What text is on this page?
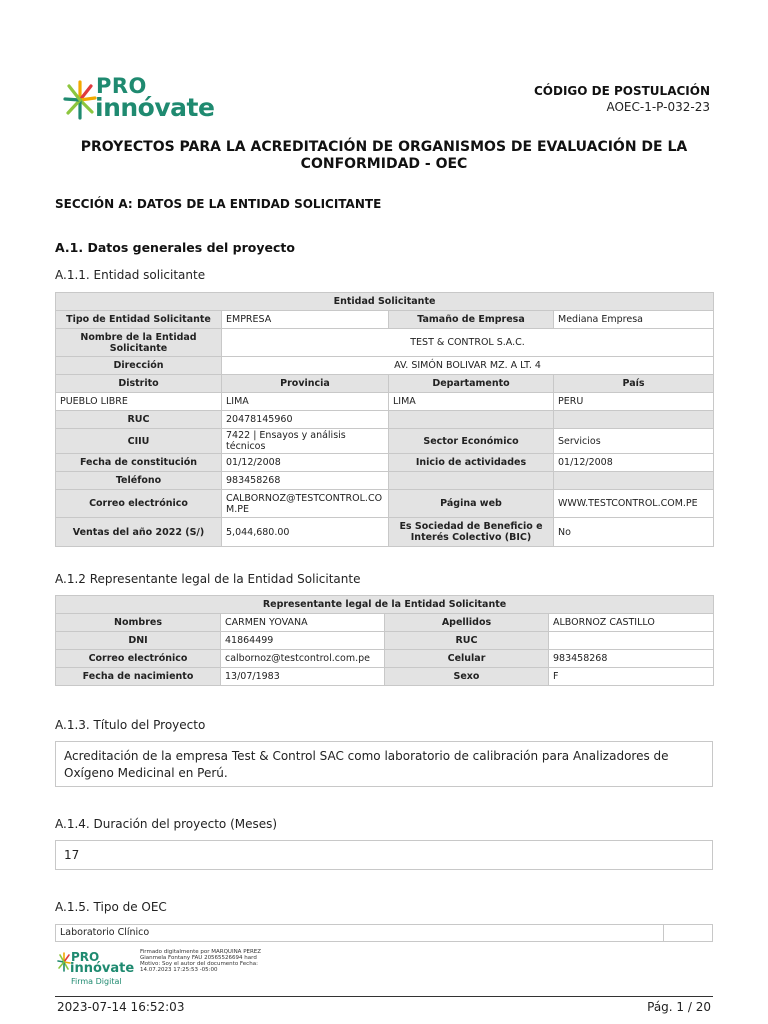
PRO
innóvate
CÓDIGO DE POSTULACIÓN
AOEC-1-P-032-23
PROYECTOS PARA LA ACREDITACIÓN DE ORGANISMOS DE EVALUACIÓN DE LA CONFORMIDAD - OEC
SECCIÓN A: DATOS DE LA ENTIDAD SOLICITANTE
A.1. Datos generales del proyecto
A.1.1. Entidad solicitante
Entidad Solicitante			
Tipo de Entidad Solicitante	EMPRESA	Tamaño de Empresa	Mediana Empresa
Nombre de la Entidad Solicitante	TEST & CONTROL S.A.C.		
Dirección	AV. SIMÓN BOLIVAR MZ. A LT. 4		
Distrito	Provincia	Departamento	País
PUEBLO LIBRE	LIMA	LIMA	PERU
RUC	20478145960		
CIIU	7422 | Ensayos y análisis técnicos	Sector Económico	Servicios
Fecha de constitución	01/12/2008	Inicio de actividades	01/12/2008
Teléfono	983458268		
Correo electrónico	CALBORNOZ@TESTCONTROL.COM.PE	Página web	WWW.TESTCONTROL.COM.PE
Ventas del año 2022 (S/)	5,044,680.00	Es Sociedad de Beneficio e Interés Colectivo (BIC)	No
A.1.2 Representante legal de la Entidad Solicitante
Representante legal de la Entidad Solicitante			
Nombres	CARMEN YOVANA	Apellidos	ALBORNOZ CASTILLO
DNI	41864499	RUC	
Correo electrónico	calbornoz@testcontrol.com.pe	Celular	983458268
Fecha de nacimiento	13/07/1983	Sexo	F
A.1.3. Título del Proyecto
Acreditación de la empresa Test & Control SAC como laboratorio de calibración para Analizadores de Oxígeno Medicinal en Perú.
A.1.4. Duración del proyecto (Meses)
17
A.1.5. Tipo de OEC
Laboratorio Clínico
PRO
innóvate
Firma Digital
Firmado digitalmente por MARQUINA PEREZ Gianmela Fontany FAU 20565526694 hard Motivo: Soy el autor del documento Fecha: 14.07.2023 17:25:53 -05:00
2023-07-14 16:52:03	Pág. 1 / 20
